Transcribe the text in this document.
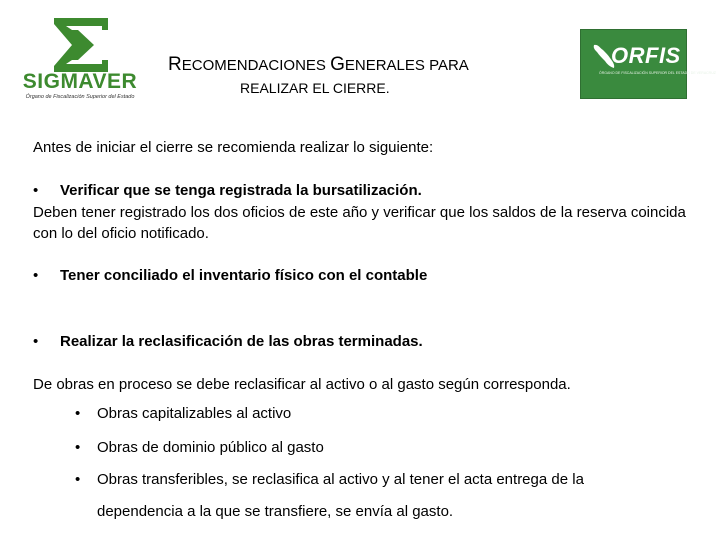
SIGMAVER
Órgano de Fiscalización Superior del Estado
RECOMENDACIONES GENERALES PARA
REALIZAR EL CIERRE.
ORFIS
ÓRGANO DE FISCALIZACIÓN SUPERIOR DEL ESTADO DE VERACRUZ
Antes de iniciar el cierre se recomienda realizar lo siguiente:
•	Verificar que se tenga registrada la bursatilización.
Deben tener registrado los dos oficios de este año y verificar que los saldos de la reserva coincida con lo del oficio notificado.
•	Tener conciliado el inventario físico con el contable
•	Realizar la reclasificación de las obras terminadas.
De obras en proceso se debe reclasificar al activo o al gasto según corresponda.
•	Obras capitalizables al activo
•	Obras de dominio público al gasto
•	Obras transferibles, se reclasifica al activo y al tener el acta entrega de la
dependencia a la que se transfiere, se envía al gasto.
